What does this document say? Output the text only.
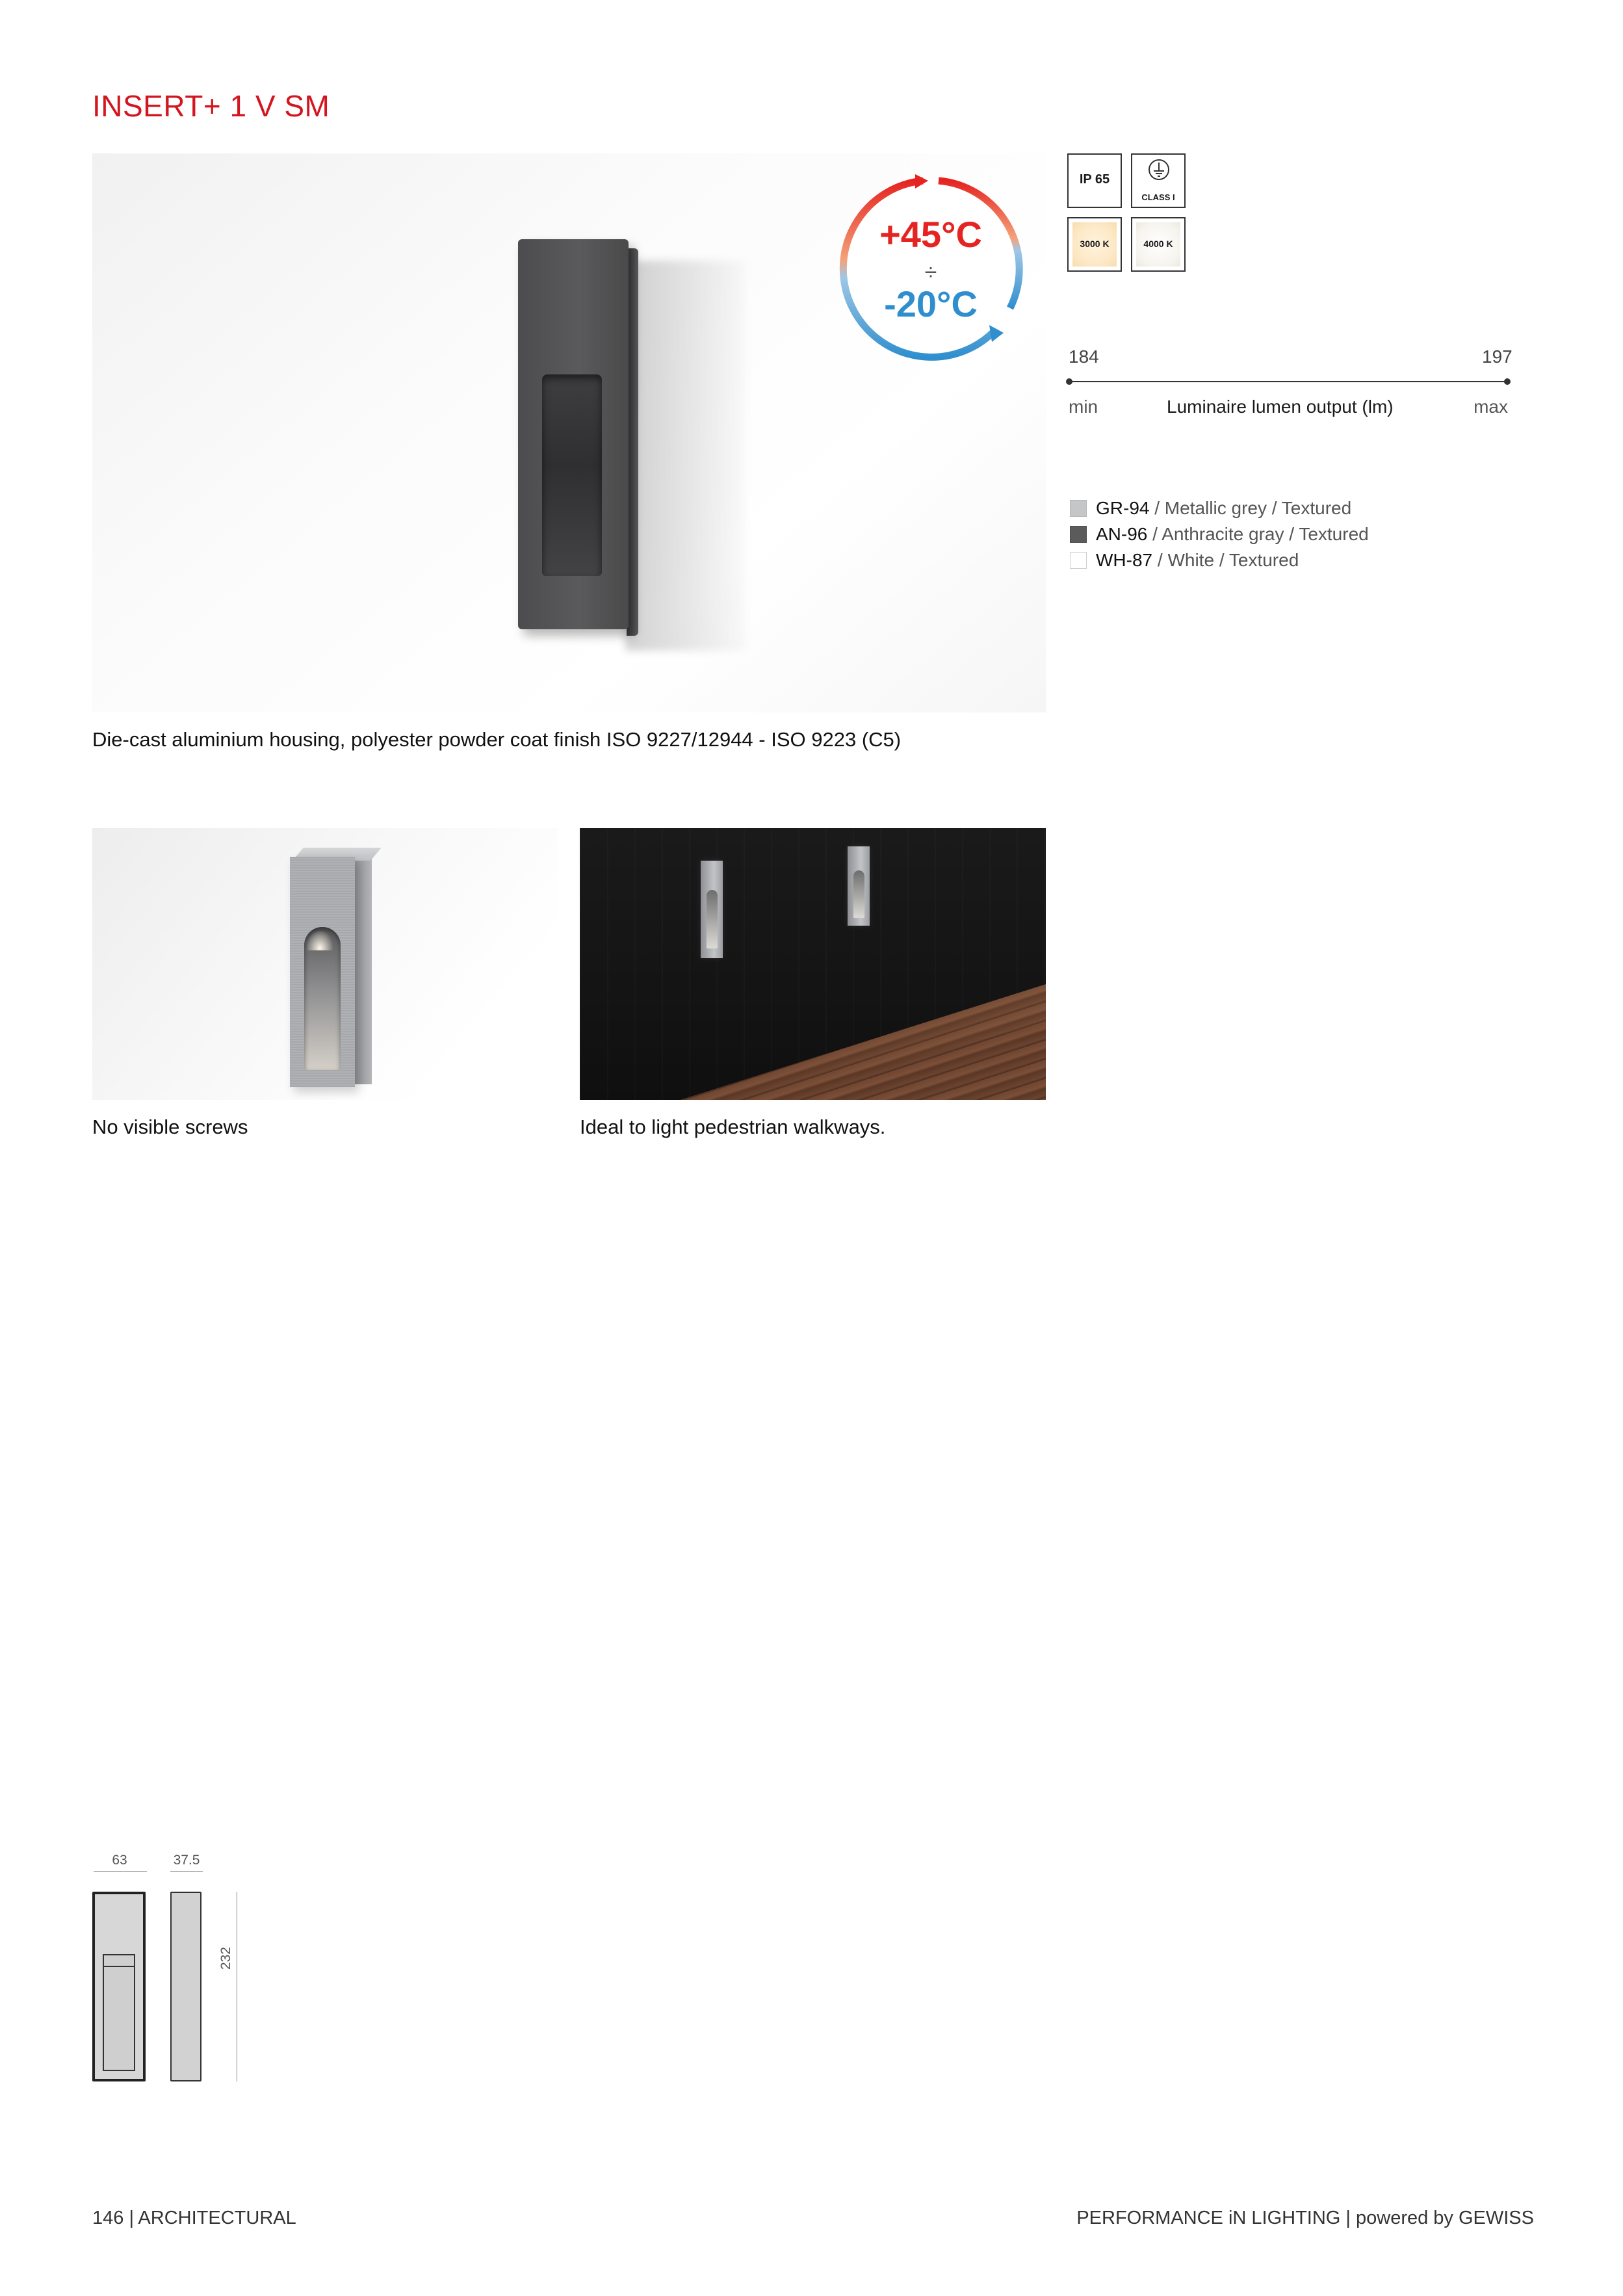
INSERT+ 1 V SM
+45°C
÷
-20°C
IP 65
CLASS I
3000 K	4000 K
184	197
min	Luminaire lumen output (lm)	max
GR-94 / Metallic grey / Textured
AN-96 / Anthracite gray / Textured
WH-87 / White / Textured
Die-cast aluminium housing, polyester powder coat finish ISO 9227/12944 - ISO 9223 (C5)
No visible screws	Ideal to light pedestrian walkways.
63	37.5
232
146 | ARCHITECTURAL	PERFORMANCE iN LIGHTING | powered by GEWISS
